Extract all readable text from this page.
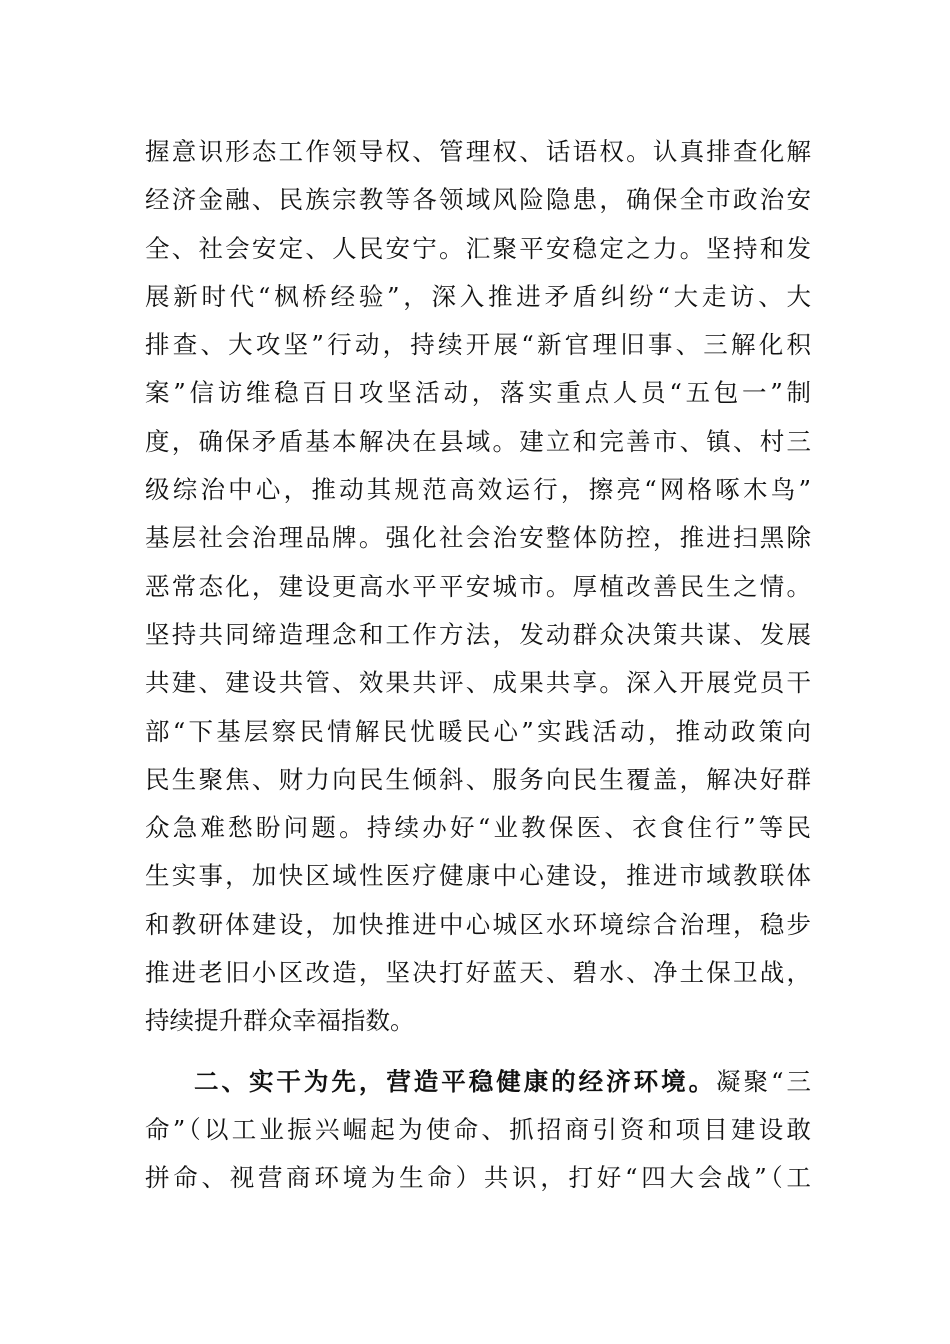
握意识形态工作领导权、管理权、话语权。认真排查化解
经济金融、民族宗教等各领域风险隐患，确保全市政治安
全、社会安定、人民安宁。汇聚平安稳定之力。坚持和发
展新时代“枫桥经验”，深入推进矛盾纠纷“大走访、大
排查、大攻坚”行动，持续开展“新官理旧事、三解化积
案”信访维稳百日攻坚活动，落实重点人员“五包一”制
度，确保矛盾基本解决在县域。建立和完善市、镇、村三
级综治中心，推动其规范高效运行，擦亮“网格啄木鸟”
基层社会治理品牌。强化社会治安整体防控，推进扫黑除
恶常态化，建设更高水平平安城市。厚植改善民生之情。
坚持共同缔造理念和工作方法，发动群众决策共谋、发展
共建、建设共管、效果共评、成果共享。深入开展党员干
部“下基层察民情解民忧暖民心”实践活动，推动政策向
民生聚焦、财力向民生倾斜、服务向民生覆盖，解决好群
众急难愁盼问题。持续办好“业教保医、衣食住行”等民
生实事，加快区域性医疗健康中心建设，推进市域教联体
和教研体建设，加快推进中心城区水环境综合治理，稳步
推进老旧小区改造，坚决打好蓝天、碧水、净土保卫战，
持续提升群众幸福指数。
二、实干为先，营造平稳健康的经济环境。凝聚“三
命”（以工业振兴崛起为使命、抓招商引资和项目建设敢
拼命、视营商环境为生命）共识，打好“四大会战”（工
